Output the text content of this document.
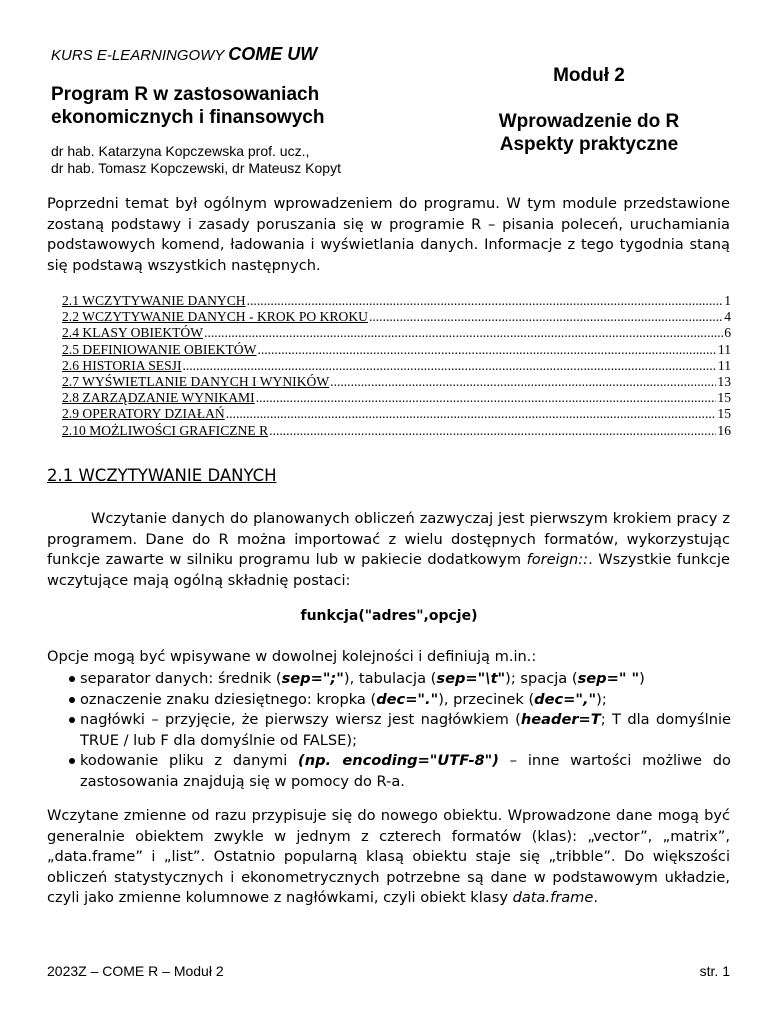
KURS E-LEARNINGOWY COME UW
Program R w zastosowaniach
ekonomicznych i finansowych
dr hab. Katarzyna Kopczewska prof. ucz.,
dr hab. Tomasz Kopczewski, dr Mateusz Kopyt
Moduł 2
Wprowadzenie do R
Aspekty praktyczne

Poprzedni temat był ogólnym wprowadzeniem do programu. W tym module przedstawione zostaną podstawy i zasady poruszania się w programie R – pisania poleceń, uruchamiania podstawowych komend, ładowania i wyświetlania danych. Informacje z tego tygodnia staną się podstawą wszystkich następnych.

2.1 WCZYTYWANIE DANYCH .....	1
2.2 WCZYTYWANIE DANYCH - KROK PO KROKU .....	4
2.4 KLASY OBIEKTÓW .....	6
2.5 DEFINIOWANIE OBIEKTÓW .....	11
2.6 HISTORIA SESJI .....	11
2.7 WYŚWIETLANIE DANYCH I WYNIKÓW .....	13
2.8 ZARZĄDZANIE WYNIKAMI .....	15
2.9 OPERATORY DZIAŁAŃ .....	15
2.10 MOŻLIWOŚCI GRAFICZNE R .....	16
2.1 WCZYTYWANIE DANYCH

Wczytanie danych do planowanych obliczeń zazwyczaj jest pierwszym krokiem pracy z programem. Dane do R można importować z wielu dostępnych formatów, wykorzystując funkcje zawarte w silniku programu lub w pakiecie dodatkowym foreign::. Wszystkie funkcje wczytujące mają ogólną składnię postaci:

funkcja("adres",opcje)

Opcje mogą być wpisywane w dowolnej kolejności i definiują m.in.:

separator danych: średnik (sep=";"), tabulacja (sep="\t"); spacja (sep=" ")
oznaczenie znaku dziesiętnego: kropka (dec="."), przecinek (dec=",");
nagłówki – przyjęcie, że pierwszy wiersz jest nagłówkiem (header=T; T dla domyślnie TRUE / lub F dla domyślnie od FALSE);
kodowanie pliku z danymi (np. encoding="UTF-8") – inne wartości możliwe do zastosowania znajdują się w pomocy do R-a.

Wczytane zmienne od razu przypisuje się do nowego obiektu. Wprowadzone dane mogą być generalnie obiektem zwykle w jednym z czterech formatów (klas): „vector”, „matrix”, „data.frame” i „list”. Ostatnio popularną klasą obiektu staje się „tribble”. Do większości obliczeń statystycznych i ekonometrycznych potrzebne są dane w podstawowym układzie, czyli jako zmienne kolumnowe z nagłówkami, czyli obiekt klasy data.frame.

2023Z – COME R – Moduł 2	str. 1
